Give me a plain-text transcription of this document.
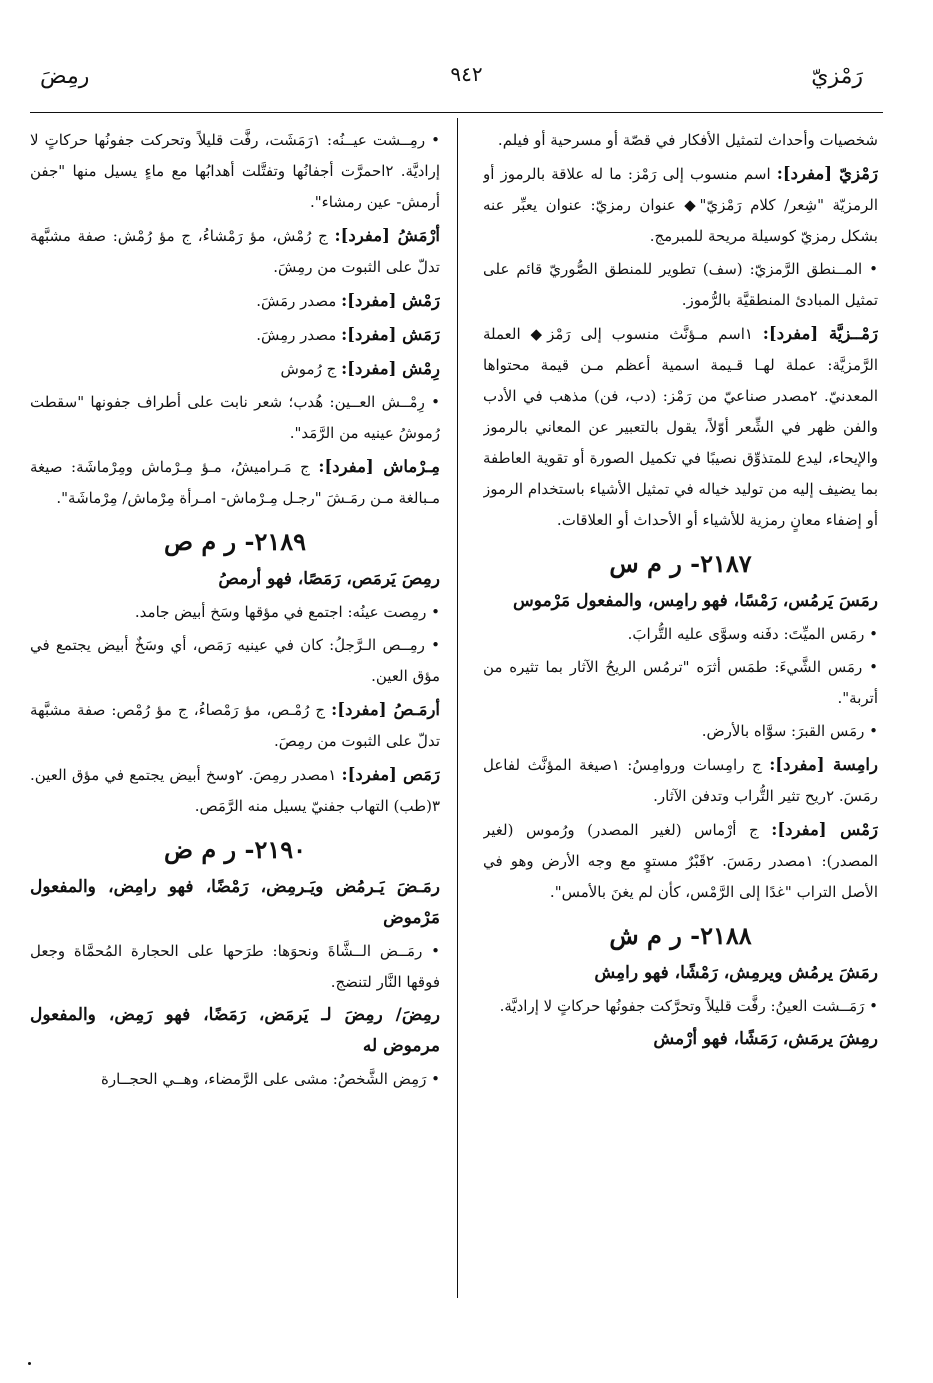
رَمْزيّ
٩٤٢
رمِضَ
شخصيات وأحداث لتمثيل الأفكار في قصّة أو مسرحية أو فيلم.
رَمْزيّ [مفرد]: اسم منسوب إلى رَمْز: ما له علاقة بالرموز أو الرمزيّة "شِعر/ كلام رَمْزيّ"◆ عنوان رمزيّ: عنوان يعبِّر عنه بشكل رمزيّ كوسيلة مريحة للمبرمج.
• المــنطق الرَّمزيّ: (سف) تطوير للمنطق الصُّوريّ قائم على تمثيل المبادئ المنطقيَّة بالرُّموز.
رَمْــزيَّة [مفرد]: ١اسم مـؤنَّث منسوب إلى رَمْز◆ العملة الرَّمزيَّة: عملة لهـا قـيمة اسمية أعظم مـن قيمة محتواها المعدنيّ. ٢مصدر صناعيّ من رَمْز: (دب، فن) مذهب في الأدب والفن ظهر في الشِّعر أوّلاً، يقول بالتعبير عن المعاني بالرموز والإيحاء، ليدع للمتذوِّق نصيبًا في تكميل الصورة أو تقوية العاطفة بما يضيف إليه من توليد خياله في تمثيل الأشياء باستخدام الرموز أو إضفاء معانٍ رمزية للأشياء أو الأحداث أو العلاقات.
٢١٨٧- ر م س
رمَسَ يَرمُس، رَمْسًا، فهو رامِس، والمفعول مَرْموس
• رمَس الميِّتَ: دفَنه وسوَّى عليه التُّرابَ.
• رمَس الشَّيءَ: طمَس أثرَه "ترمُس الريحُ الآثار بما تثيره من أتربة".
• رمَس القبرَ: سوَّاه بالأرض.
رامِسة [مفرد]: ج رامِسات وروامِسُ: ١صيغة المؤنَّث لفاعل رمَسَ. ٢ريح تثير التُّراب وتدفن الآثار.
رَمْس [مفرد]: ج أرْماس (لغير المصدر) ورُموس (لغير المصدر): ١مصدر رمَسَ. ٢قَبْرٌ مستوٍ مع وجه الأرض وهو في الأصل التراب "غدًا إلى الرَّمْس، كأن لم يغنَ بالأمس".
٢١٨٨- ر م ش
رمَشَ يرمُش ويرمِش، رَمْشًا، فهو رامِش
• رَمَــشت العينُ: رفَّت قليلاً وتحرَّكت جفونُها حركاتٍ لا إراديَّة.
رمِشَ يرمَش، رَمَشًا، فهو أرْمش
• رمِــشت عيــنُه: ١رَمَشَت، رفَّت قليلاً وتحركت جفونُها حركاتٍ لا إراديَّة. ٢احمرَّت أجفانُها وتفتَّلت أهدابُها مع ماءٍ يسيل منها "جفن أرمش- عين رمشاء".
أرْمَشُ [مفرد]: ج رُمْش، مؤ رَمْشاءُ، ج مؤ رُمْش: صفة مشبَّهة تدلّ على الثبوت من رمِشَ.
رَمْش [مفرد]: مصدر رمَشَ.
رَمَش [مفرد]: مصدر رمِشَ.
رِمْش [مفرد]: ج رُموش
• رِمْــش العــين: هُدب؛ شعر نابت على أطراف جفونها "سقطت رُموشُ عينيه من الرَّمَد".
مِـرْماش [مفرد]: ج مَـراميشُ، مـؤ مِـرْماش ومِرْماشَة: صيغة مـبالغة مـن رمَـشَ "رجـل مِـرْماش- امـرأة مِرْماش/ مِرْماشَة".
٢١٨٩- ر م ص
رمِصَ يَرمَص، رَمَصًا، فهو أرمصُ
• رمِصت عينُه: اجتمع في مؤقها وسَخ أبيض جامد.
• رمِــص الـرَّجلُ: كان في عينيه رَمَص، أي وسَخٌ أبيض يجتمع في مؤق العين.
أرمَـصُ [مفرد]: ج رُمْـص، مؤ رَمْصاءُ، ج مؤ رُمْص: صفة مشبَّهة تدلّ على الثبوت من رمِصَ.
رَمَص [مفرد]: ١مصدر رمِصَ. ٢وسخ أبيض يجتمع في مؤق العين. ٣(طب) التهاب جفنيّ يسيل منه الرَّمَص.
٢١٩٠- ر م ض
رمَـضَ يَـرمُض ويَـرمِض، رَمْضًا، فهو رامِض، والمفعول مَرْموض
• رمَــض الــشَّاةَ ونحوَها: طرَحها على الحجارة المُحمَّاة وجعل فوقها النَّار لتنضج.
رمِضَ/ رمِضَ لـ يَرمَض، رَمَضًا، فهو رَمِض، والمفعول مرموض له
• رَمِض الشَّخصُ: مشى على الرَّمضاء، وهــي الحجــارة
